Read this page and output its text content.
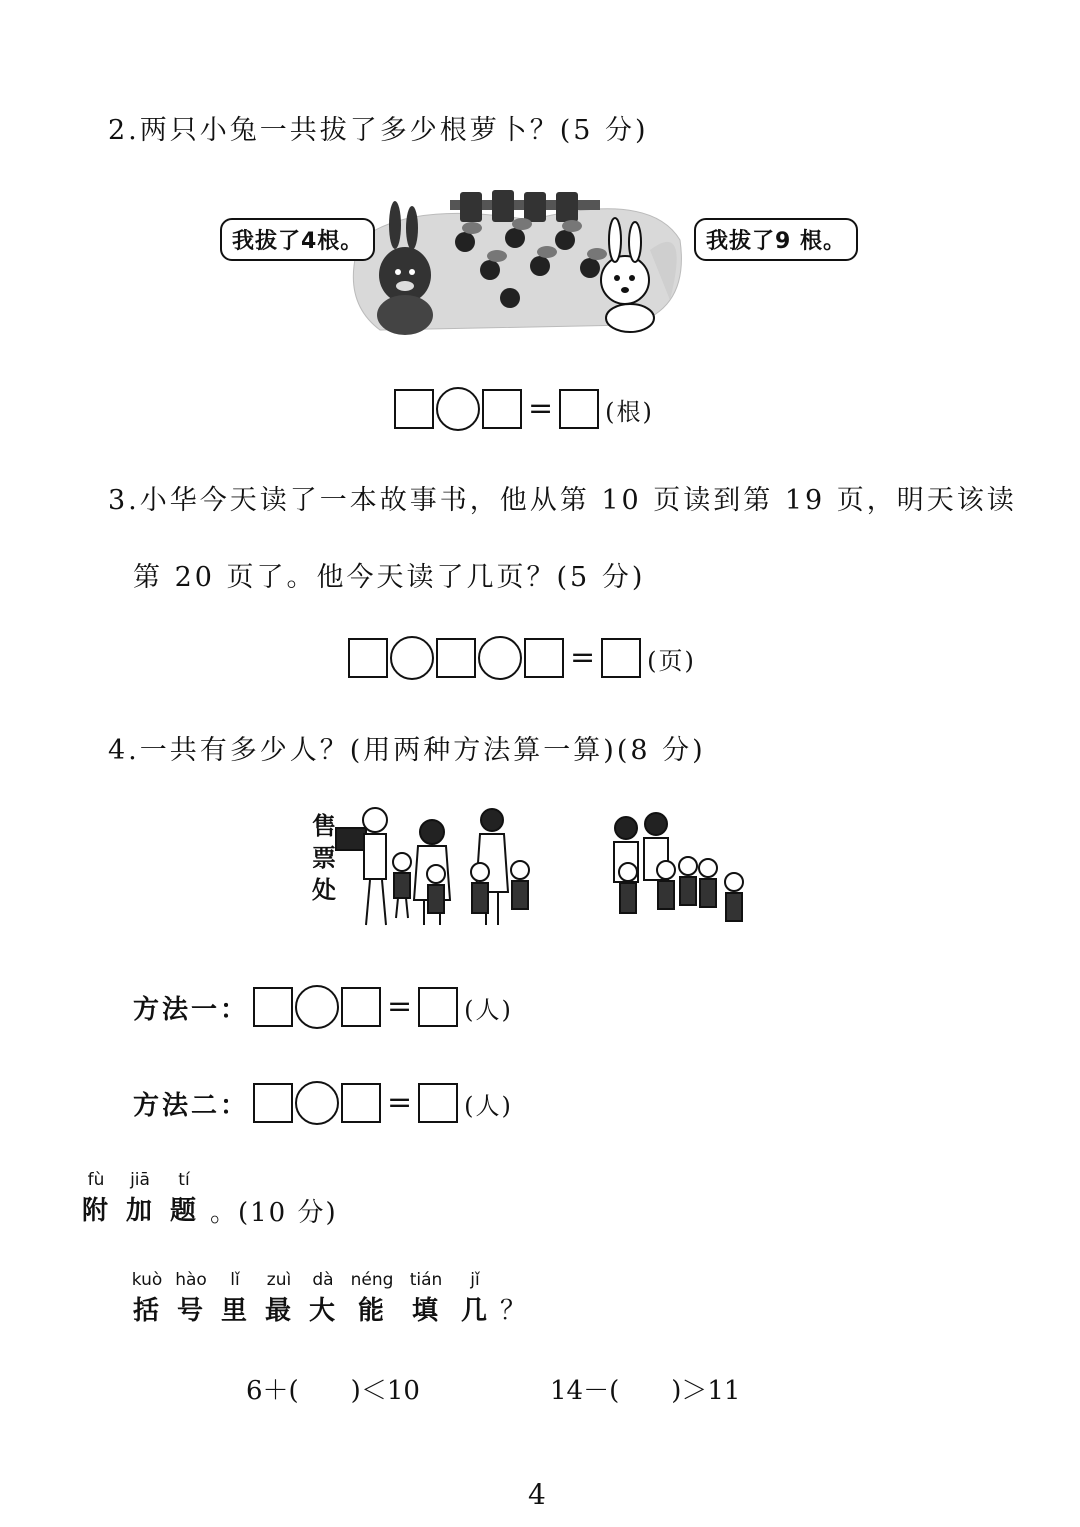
2.两只小兔一共拔了多少根萝卜？(5 分)
我拔了4根。	我拔了9 根。
= (根)
3.小华今天读了一本故事书，他从第 10 页读到第 19 页，明天该读
第 20 页了。他今天读了几页？(5 分)
= (页)
4.一共有多少人？(用两种方法算一算)(8 分)
售
票
处
方法一：	= (人)
方法二：	= (人)
fù
附
jiā
加
tí
题 。(10 分)
kuò
括
hào
号
lǐ
里
zuì
最
dà
大
néng
能
tián
填
jǐ
几 ？
6＋(　　)＜10	14－(　　)＞11
4
